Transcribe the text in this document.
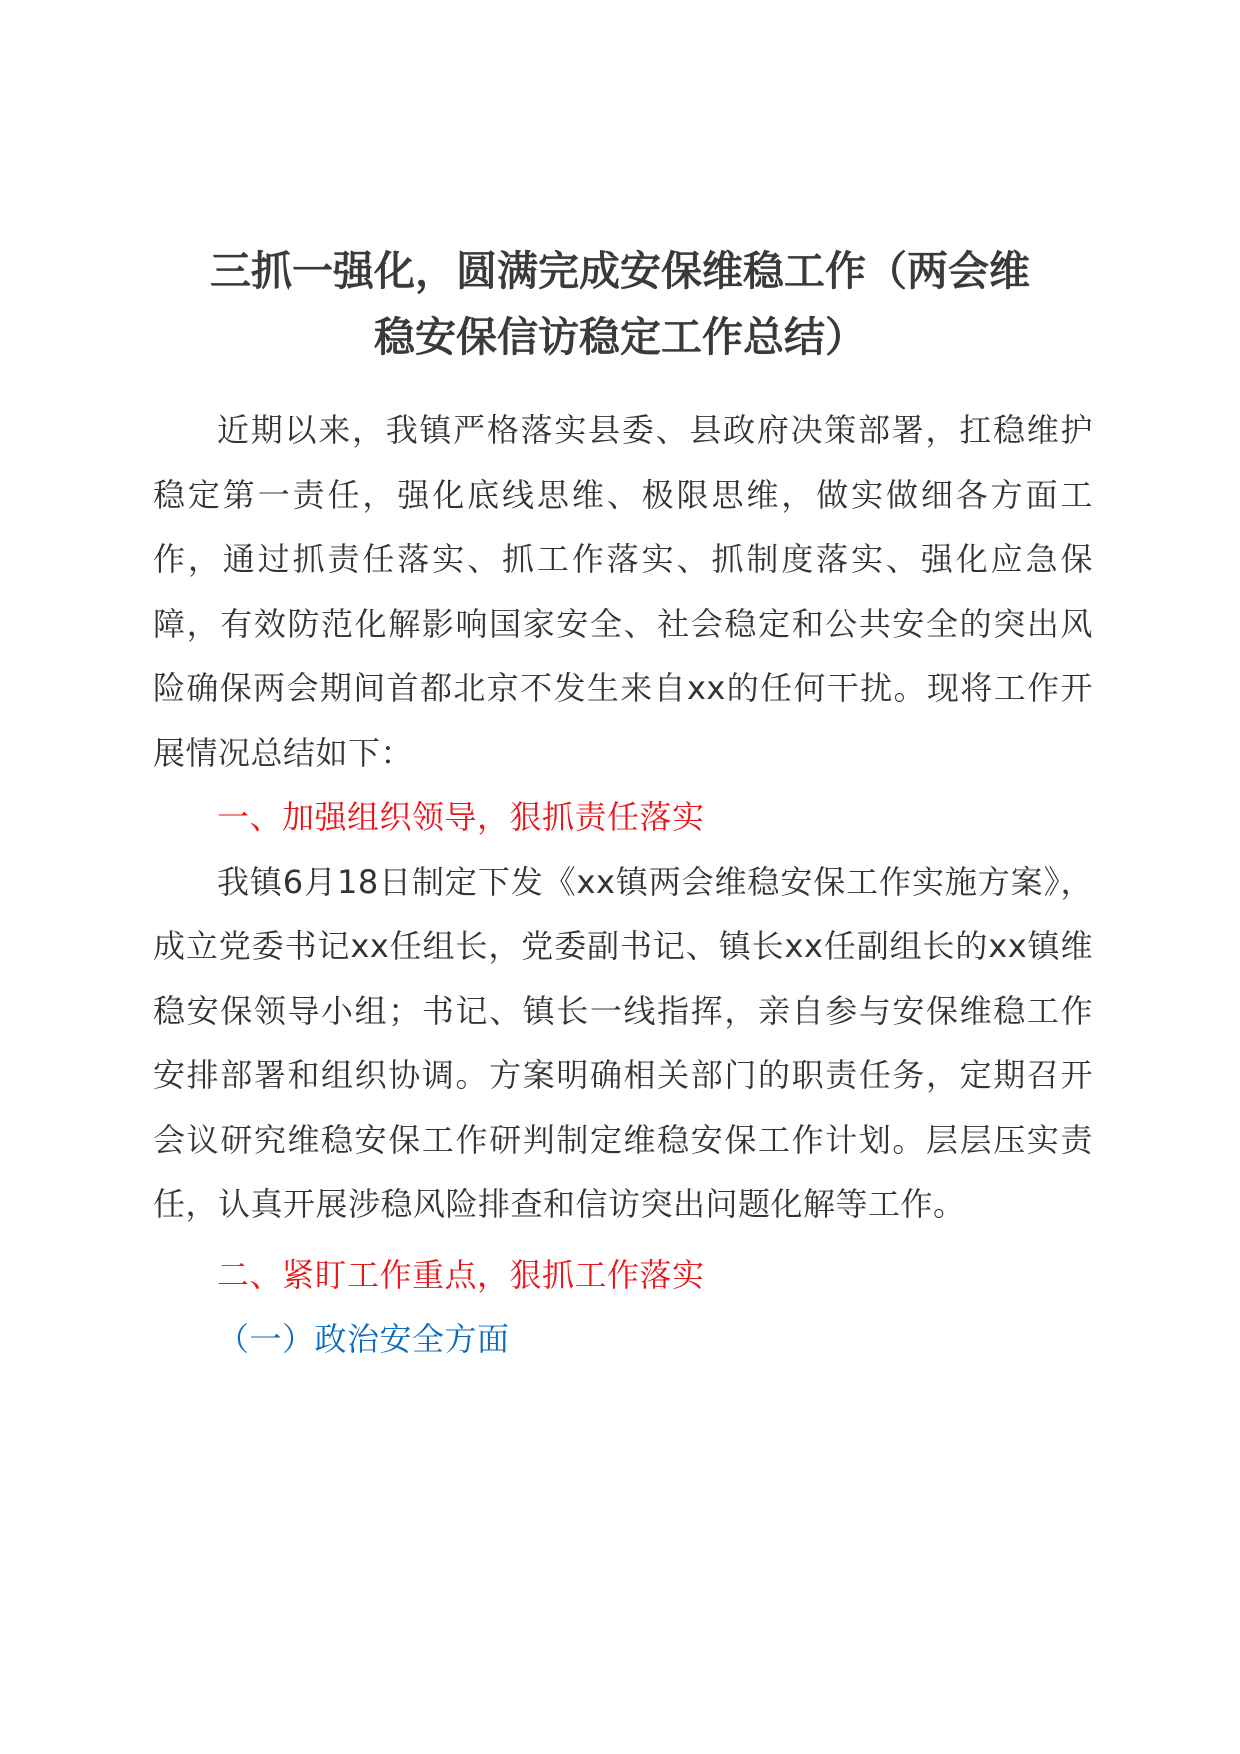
三抓一强化，圆满完成安保维稳工作（两会维
稳安保信访稳定工作总结）

近期以来，我镇严格落实县委、县政府决策部署，扛稳维护稳定第一责任，强化底线思维、极限思维，做实做细各方面工作，通过抓责任落实、抓工作落实、抓制度落实、强化应急保障，有效防范化解影响国家安全、社会稳定和公共安全的突出风险确保两会期间首都北京不发生来自xx的任何干扰。现将工作开展情况总结如下：

一、加强组织领导，狠抓责任落实

我镇6月18日制定下发《xx镇两会维稳安保工作实施方案》，成立党委书记xx任组长，党委副书记、镇长xx任副组长的xx镇维稳安保领导小组；书记、镇长一线指挥，亲自参与安保维稳工作安排部署和组织协调。方案明确相关部门的职责任务，定期召开会议研究维稳安保工作研判制定维稳安保工作计划。层层压实责任，认真开展涉稳风险排查和信访突出问题化解等工作。

二、紧盯工作重点，狠抓工作落实

（一）政治安全方面
